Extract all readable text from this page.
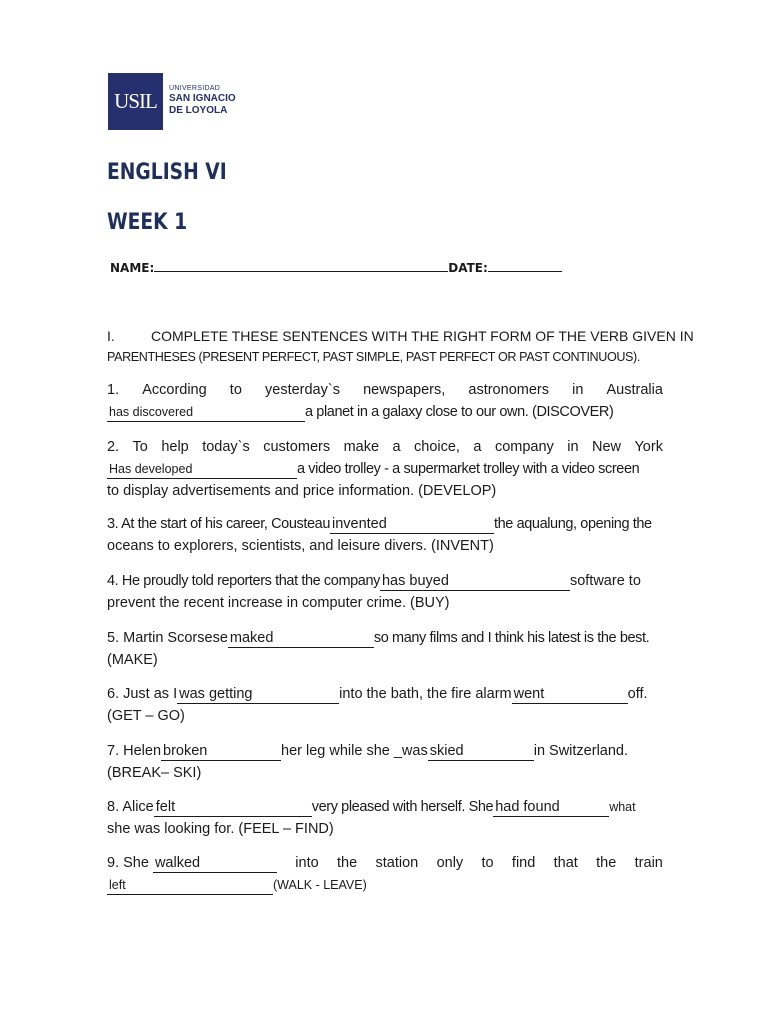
USIL
UNIVERSIDAD
SAN IGNACIO
DE LOYOLA
ENGLISH VI
WEEK 1
NAME:	DATE:
I.	COMPLETE THESE SENTENCES WITH THE RIGHT FORM OF THE VERB GIVEN IN
PARENTHESES (PRESENT PERFECT, PAST SIMPLE, PAST PERFECT OR PAST CONTINUOUS).
1. According to yesterday`s newspapers, astronomers in Australia
has discovered	a planet in a galaxy close to our own. (DISCOVER)
2. To help today`s customers make a choice, a company in New York
Has developed	a video trolley - a supermarket trolley with a video screen
to display advertisements and price information. (DEVELOP)
3. At the start of his career, Cousteau invented	the aqualung, opening the
oceans to explorers, scientists, and leisure divers. (INVENT)
4. He proudly told reporters that the company has buyed	software to
prevent the recent increase in computer crime. (BUY)
5. Martin Scorsese maked	so many films and I think his latest is the best.
(MAKE)
6. Just as I was getting	into the bath, the fire alarm went	off.
(GET – GO)
7. Helen broken	her leg while she _was skied	in Switzerland.
(BREAK– SKI)
8. Alice felt	very pleased with herself. She had found	what
she was looking for. (FEEL – FIND)
9. She walked	into the station only to find that the train
left	(WALK - LEAVE)
